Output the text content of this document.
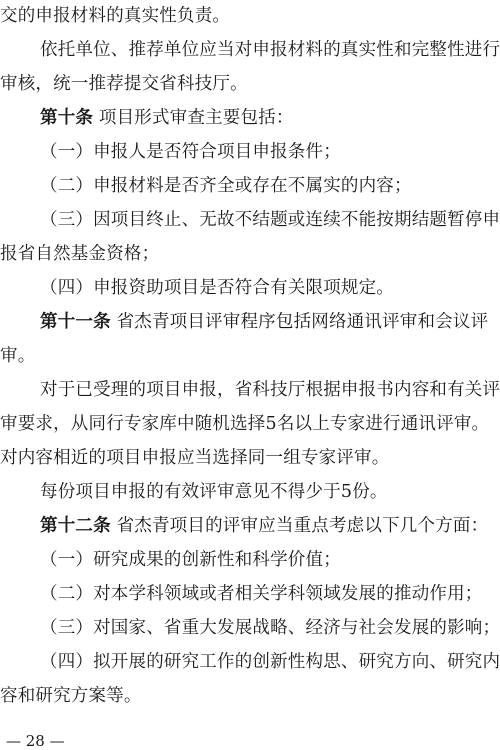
交的申报材料的真实性负责。
依托单位、推荐单位应当对申报材料的真实性和完整性进行
审核，统一推荐提交省科技厅。
第十条 项目形式审查主要包括：
（一）申报人是否符合项目申报条件；
（二）申报材料是否齐全或存在不属实的内容；
（三）因项目终止、无故不结题或连续不能按期结题暂停申
报省自然基金资格；
（四）申报资助项目是否符合有关限项规定。
第十一条 省杰青项目评审程序包括网络通讯评审和会议评
审。
对于已受理的项目申报，省科技厅根据申报书内容和有关评
审要求，从同行专家库中随机选择5名以上专家进行通讯评审。
对内容相近的项目申报应当选择同一组专家评审。
每份项目申报的有效评审意见不得少于5份。
第十二条 省杰青项目的评审应当重点考虑以下几个方面：
（一）研究成果的创新性和科学价值；
（二）对本学科领域或者相关学科领域发展的推动作用；
（三）对国家、省重大发展战略、经济与社会发展的影响；
（四）拟开展的研究工作的创新性构思、研究方向、研究内
容和研究方案等。
— 28 —
